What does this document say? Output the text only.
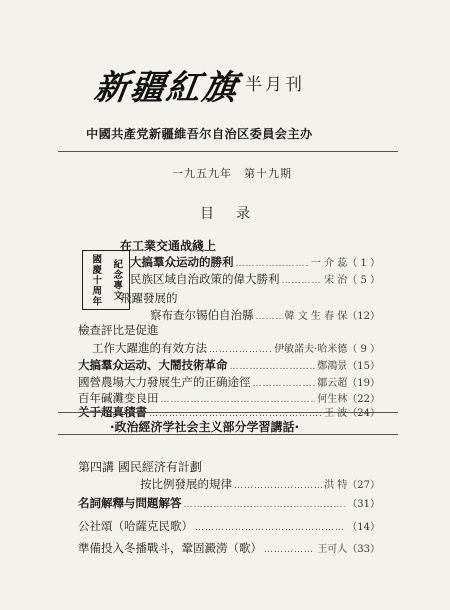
新疆紅旗 半月刊
中國共產党新疆維吾尔自治区委員会主办
一九五九年 第十九期
目录
紀念專文
國慶十周年
在工業交通战綫上
大搞羣众运动的勝利 …………………………………………………………………………………………………………	一 介 蕊 （ 1 ）
民族区域自治政策的偉大勝利 …………………………………………………………………………………………………………	宋 治 （ 5 ）
飛躍發展的
察布查尔锡伯自治縣 …………………………………………………………………………………………………………	韓 文 生 春 保 （12）
檢查評比是促進
工作大躍進的有效方法 …………………………………………………………………………………………………………	伊敏諾夫·哈米德 （ 9 ）
大搞羣众运动、大鬧技術革命 …………………………………………………………………………………………………………	鄭鴻景 （15）
國營農場大力發展生产的正确途徑 …………………………………………………………………………………………………………	鄒云超 （19）
百年碱灘变良田 …………………………………………………………………………………………………………	何生林 （22）
关于超真積書 …………………………………………………………………………………………………………	王 波 （24）
·政治經济学社会主义部分学習講話·
第四講 國民經济有計劃
按比例發展的規律 …………………………………………………………………………………………………………	洪 特 （27）
名詞解釋与問題解答 …………………………………………………………………………………………………………	（31）
公社頌（哈薩克民歌） …………………………………………………………………………………………………………	（14）
準備投入冬播戰斗，鞏固澱澇（歌） …………………………………………………………………………………………………………	王可人 （33）
